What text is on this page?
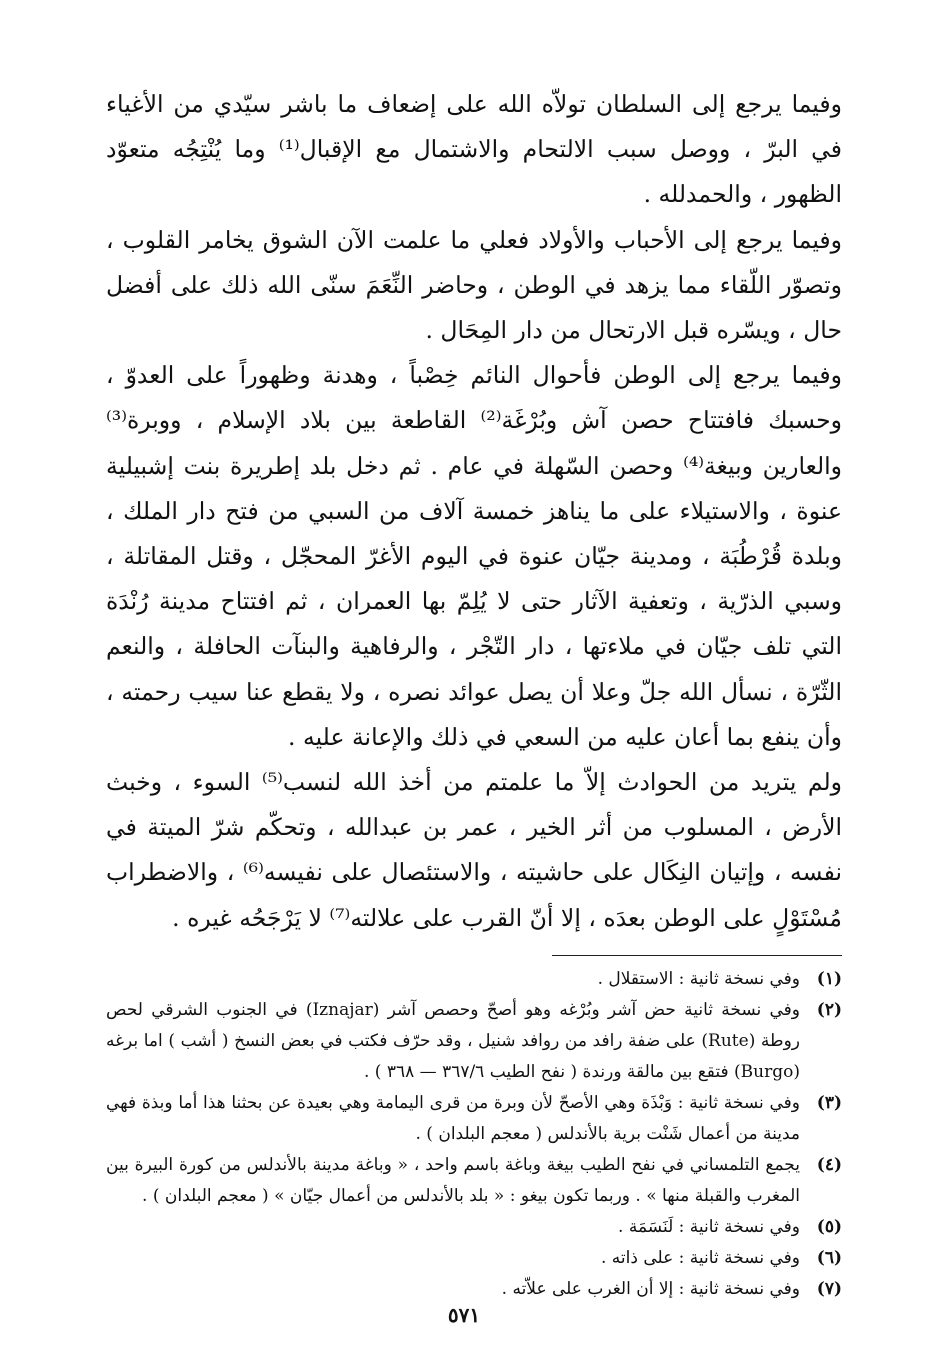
وفيما يرجع إلى السلطان تولاّه الله على إضعاف ما باشر سيّدي من الأغياء في البرّ ، ووصل سبب الالتحام والاشتمال مع الإقبال⁽¹⁾ وما يُنْتِجُه متعوّد الظهور ، والحمدلله .

وفيما يرجع إلى الأحباب والأولاد فعلي ما علمت الآن الشوق يخامر القلوب ، وتصوّر اللّقاء مما يزهد في الوطن ، وحاضر النِّعَمَ سنّى الله ذلك على أفضل حال ، ويسّره قبل الارتحال من دار المِحَال .

وفيما يرجع إلى الوطن فأحوال النائم خِصْباً ، وهدنة وظهوراً على العدوّ ، وحسبك فافتتاح حصن آش وبُرْغَة⁽²⁾ القاطعة بين بلاد الإسلام ، ووبرة⁽³⁾ والعارين وبيغة⁽⁴⁾ وحصن السّهلة في عام . ثم دخل بلد إطريرة بنت إشبيلية عنوة ، والاستيلاء على ما يناهز خمسة آلاف من السبي من فتح دار الملك ، وبلدة قُرْطُبَة ، ومدينة جيّان عنوة في اليوم الأغرّ المحجّل ، وقتل المقاتلة ، وسبي الذرّية ، وتعفية الآثار حتى لا يُلِمّ بها العمران ، ثم افتتاح مدينة رُنْدَة التي تلف جيّان في ملاءتها ، دار التّجْر ، والرفاهية والبنآت الحافلة ، والنعم الثّرّة ، نسأل الله جلّ وعلا أن يصل عوائد نصره ، ولا يقطع عنا سيب رحمته ، وأن ينفع بما أعان عليه من السعي في ذلك والإعانة عليه .

ولم يتريد من الحوادث إلاّ ما علمتم من أخذ الله لنسب⁽⁵⁾ السوء ، وخبث الأرض ، المسلوب من أثر الخير ، عمر بن عبدالله ، وتحكّم شرّ الميتة في نفسه ، وإتيان النِكَال على حاشيته ، والاستئصال على نفيسه⁽⁶⁾ ، والاضطراب مُسْتَوْلٍ على الوطن بعدَه ، إلا أنّ القرب على علالته⁽⁷⁾ لا يَرْجَحُه غيره .

(١)
وفي نسخة ثانية : الاستقلال .
(٢)
وفي نسخة ثانية حض آشر وبُرْغه وهو أصحّ وحصص آشر (Iznajar) في الجنوب الشرقي لحص روطة (Rute) على ضفة رافد من روافد شنيل ، وقد حرّف فكتب في بعض النسخ ( أشب ) اما برغه (Burgo) فتقع بين مالقة ورندة ( نفح الطيب ٣٦٧/٦ — ٣٦٨ ) .
(٣)
وفي نسخة ثانية : وَبْذَة وهي الأصحّ لأن وبرة من قرى اليمامة وهي بعيدة عن بحثنا هذا أما وبذة فهي مدينة من أعمال شَنْت برية بالأندلس ( معجم البلدان ) .
(٤)
يجمع التلمساني في نفح الطيب بيغة وباغة باسم واحد ، « وباغة مدينة بالأندلس من كورة البيرة بين المغرب والقبلة منها » . وربما تكون بيغو : « بلد بالأندلس من أعمال جيّان » ( معجم البلدان ) .
(٥)
وفي نسخة ثانية : لَنَسَمَة .
(٦)
وفي نسخة ثانية : على ذاته .
(٧)
وفي نسخة ثانية : إلا أن الغرب على علاّته .
٥٧١
